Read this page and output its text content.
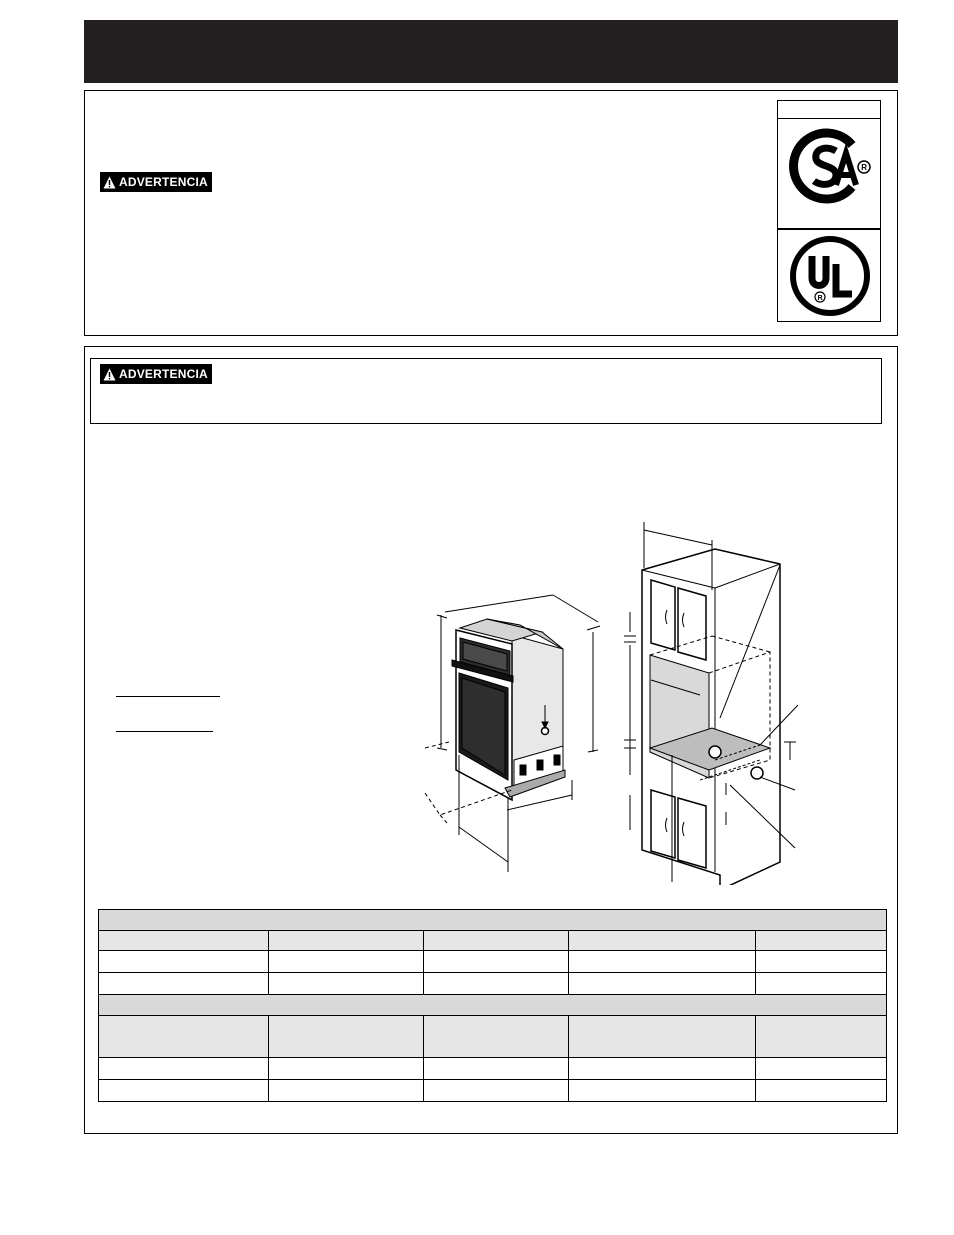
ADVERTENCIA
R
R
ADVERTENCIA
